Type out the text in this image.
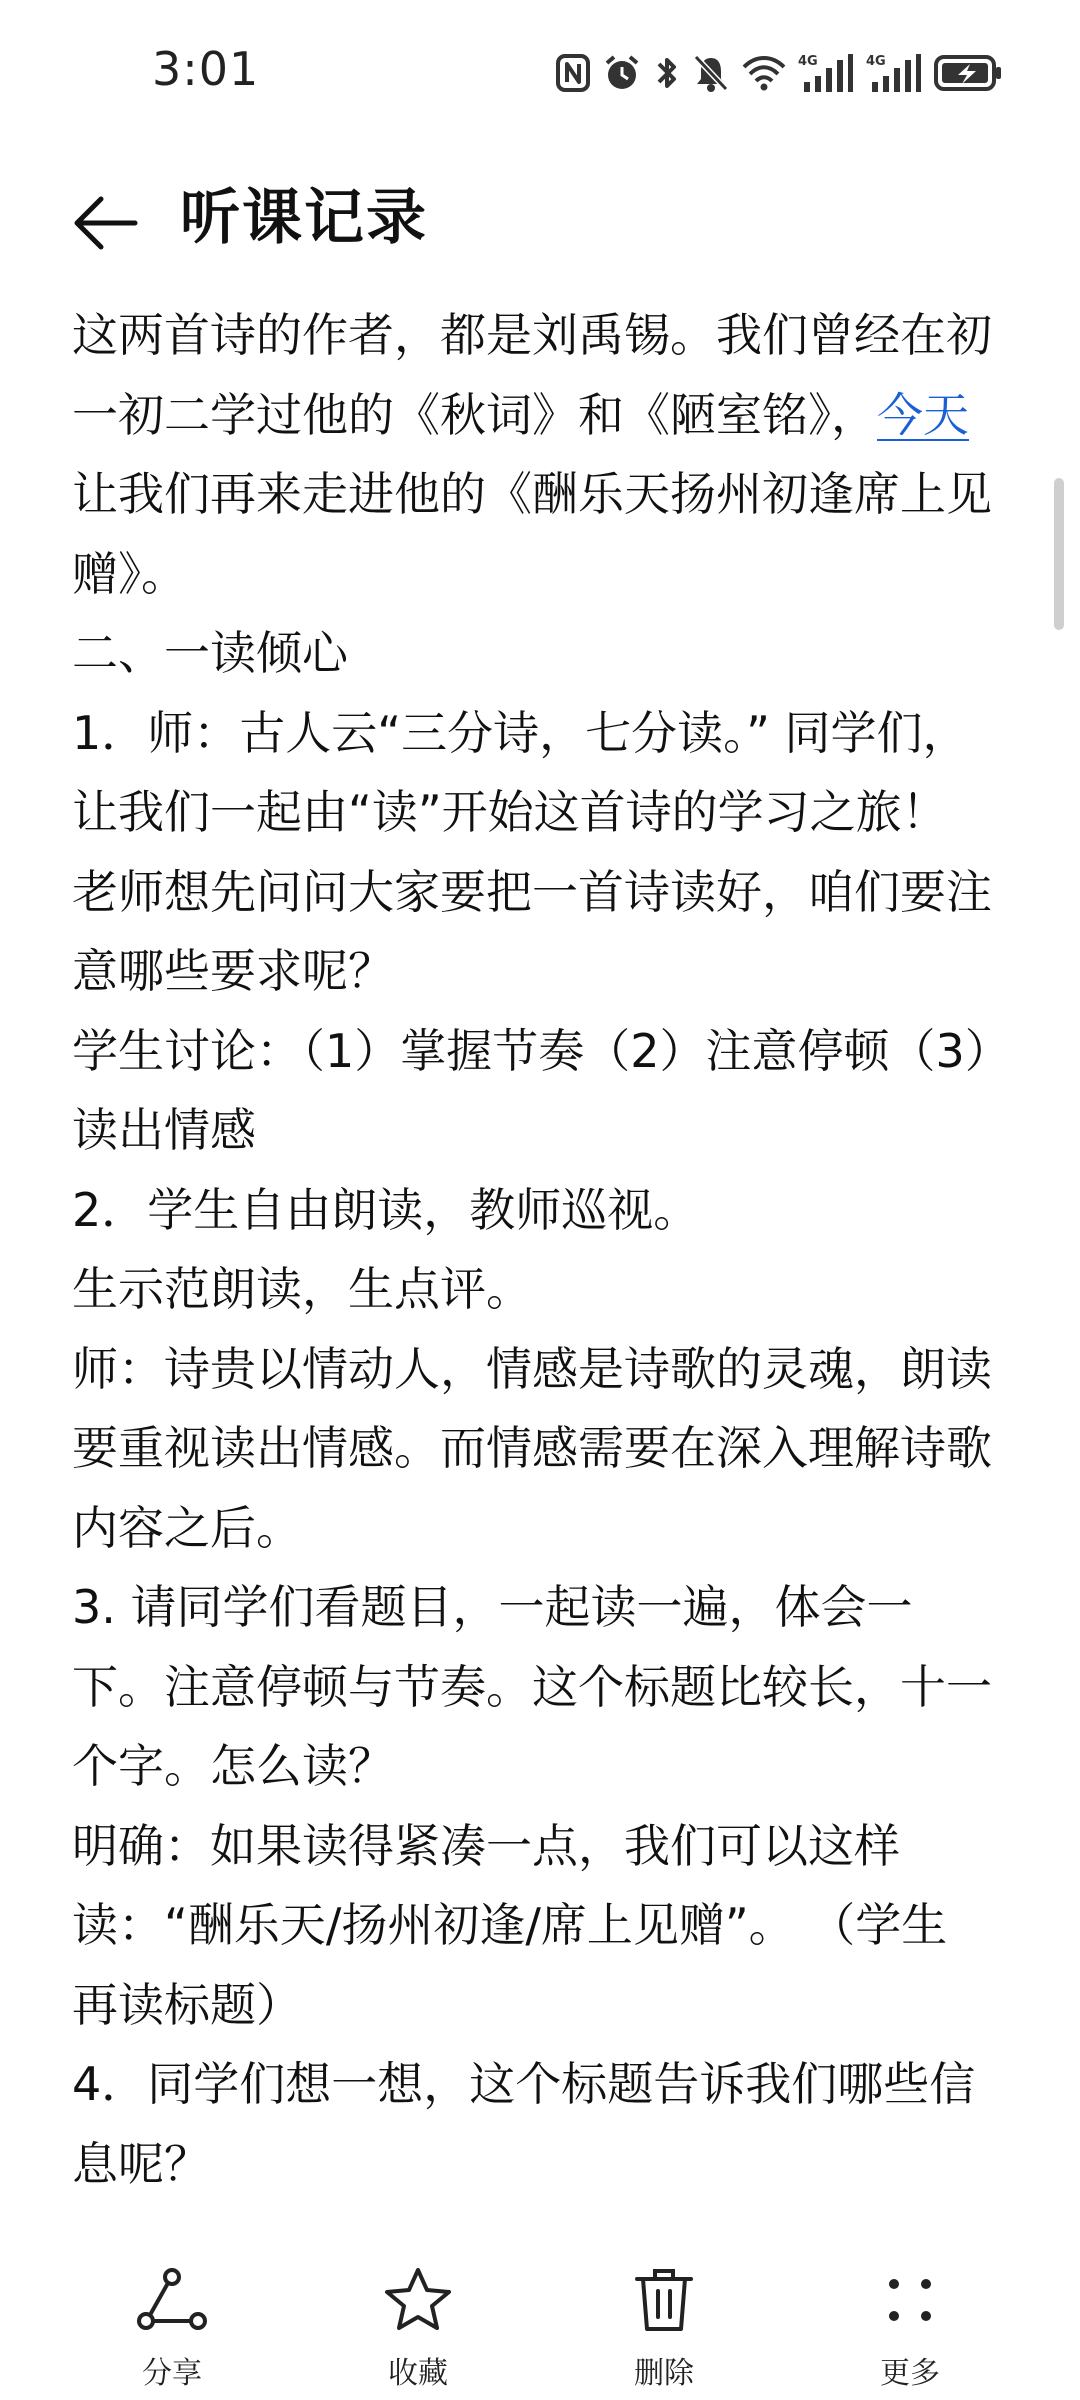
3:01	4G	4G
听课记录

这两首诗的作者，都是刘禹锡。我们曾经在初一初二学过他的《秋词》和《陋室铭》，今天让我们再来走进他的《酬乐天扬州初逢席上见赠》。

二、一读倾心

1．师：古人云“三分诗，七分读。” 同学们，让我们一起由“读”开始这首诗的学习之旅！ 老师想先问问大家要把一首诗读好，咱们要注意哪些要求呢？

学生讨论：（1）掌握节奏（2）注意停顿（3）读出情感

2．学生自由朗读，教师巡视。

生示范朗读，生点评。

师：诗贵以情动人，情感是诗歌的灵魂，朗读要重视读出情感。而情感需要在深入理解诗歌内容之后。

3. 请同学们看题目，一起读一遍，体会一下。注意停顿与节奏。这个标题比较长，十一个字。怎么读？

明确：如果读得紧凑一点，我们可以这样读：“酬乐天/扬州初逢/席上见赠”。 （学生再读标题）

4．同学们想一想，这个标题告诉我们哪些信息呢？

分享	收藏	删除	更多
